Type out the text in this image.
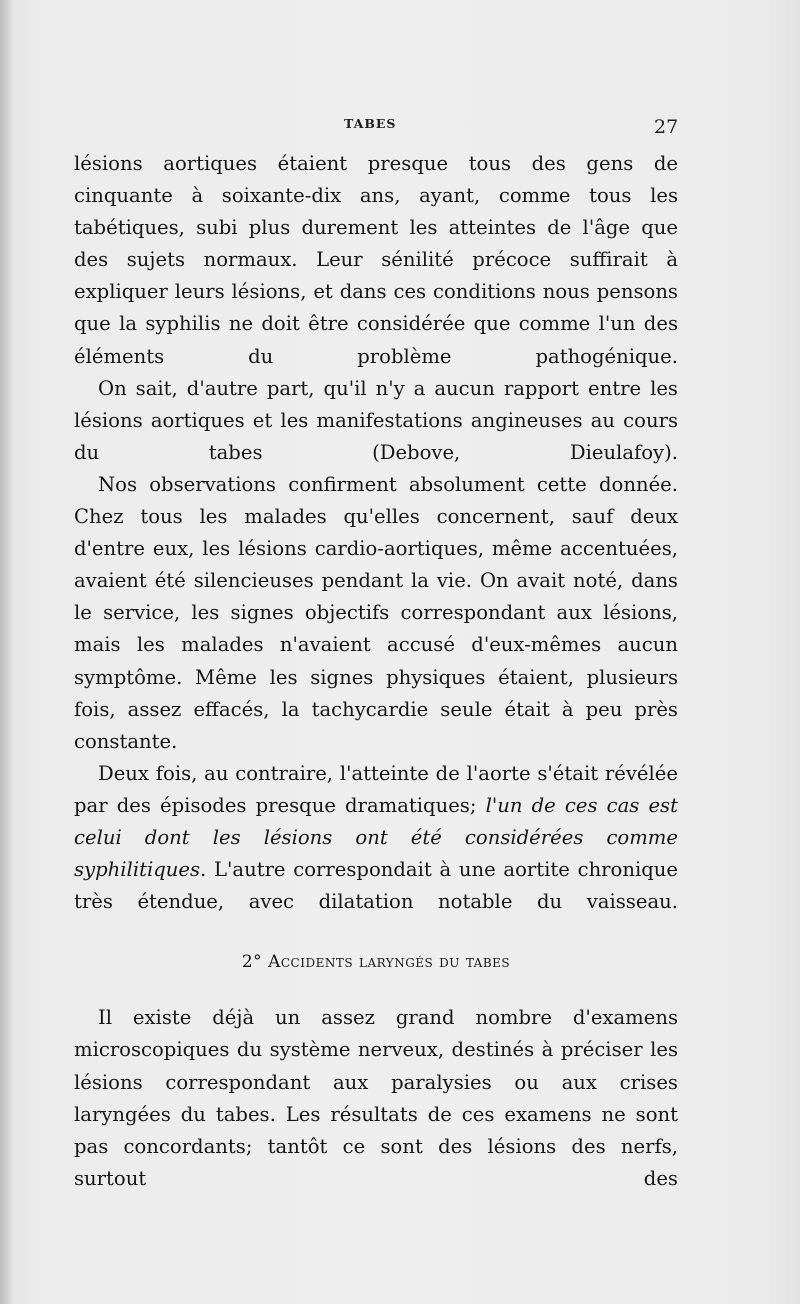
TABES	27

lésions aortiques étaient presque tous des gens de cinquante à soixante-dix ans, ayant, comme tous les tabétiques, subi plus durement les atteintes de l'âge que des sujets normaux. Leur sénilité précoce suffirait à expliquer leurs lésions, et dans ces conditions nous pensons que la syphilis ne doit être considérée que comme l'un des éléments du problème pathogénique.

On sait, d'autre part, qu'il n'y a aucun rapport entre les lésions aortiques et les manifestations angineuses au cours du tabes (Debove, Dieulafoy).

Nos observations confirment absolument cette donnée. Chez tous les malades qu'elles concernent, sauf deux d'entre eux, les lésions cardio-aortiques, même accentuées, avaient été silencieuses pendant la vie. On avait noté, dans le service, les signes objectifs correspondant aux lésions, mais les malades n'avaient accusé d'eux-mêmes aucun symptôme. Même les signes physiques étaient, plusieurs fois, assez effacés, la tachycardie seule était à peu près constante.

Deux fois, au contraire, l'atteinte de l'aorte s'était révélée par des épisodes presque dramatiques; l'un de ces cas est celui dont les lésions ont été considérées comme syphilitiques. L'autre correspondait à une aortite chronique très étendue, avec dilatation notable du vaisseau.

2° Accidents laryngés du tabes

Il existe déjà un assez grand nombre d'examens microscopiques du système nerveux, destinés à préciser les lésions correspondant aux paralysies ou aux crises laryngées du tabes. Les résultats de ces examens ne sont pas concordants; tantôt ce sont des lésions des nerfs, surtout des
